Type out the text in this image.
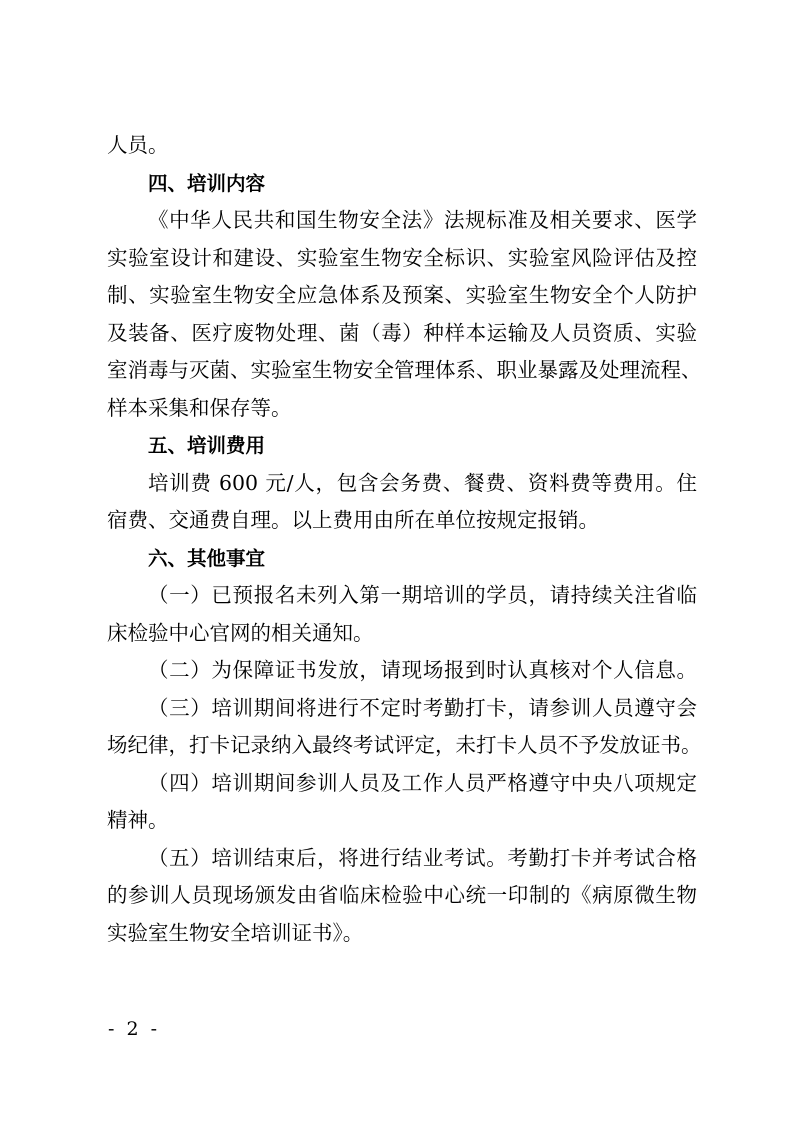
人员。
四、培训内容
《中华人民共和国生物安全法》法规标准及相关要求、医学
实验室设计和建设、实验室生物安全标识、实验室风险评估及控
制、实验室生物安全应急体系及预案、实验室生物安全个人防护
及装备、医疗废物处理、菌（毒）种样本运输及人员资质、实验
室消毒与灭菌、实验室生物安全管理体系、职业暴露及处理流程、
样本采集和保存等。
五、培训费用
培训费 600 元/人，包含会务费、餐费、资料费等费用。住
宿费、交通费自理。以上费用由所在单位按规定报销。
六、其他事宜
（一）已预报名未列入第一期培训的学员，请持续关注省临
床检验中心官网的相关通知。
（二）为保障证书发放，请现场报到时认真核对个人信息。
（三）培训期间将进行不定时考勤打卡，请参训人员遵守会
场纪律，打卡记录纳入最终考试评定，未打卡人员不予发放证书。
（四）培训期间参训人员及工作人员严格遵守中央八项规定
精神。
（五）培训结束后，将进行结业考试。考勤打卡并考试合格
的参训人员现场颁发由省临床检验中心统一印制的《病原微生物
实验室生物安全培训证书》。
- 2 -
